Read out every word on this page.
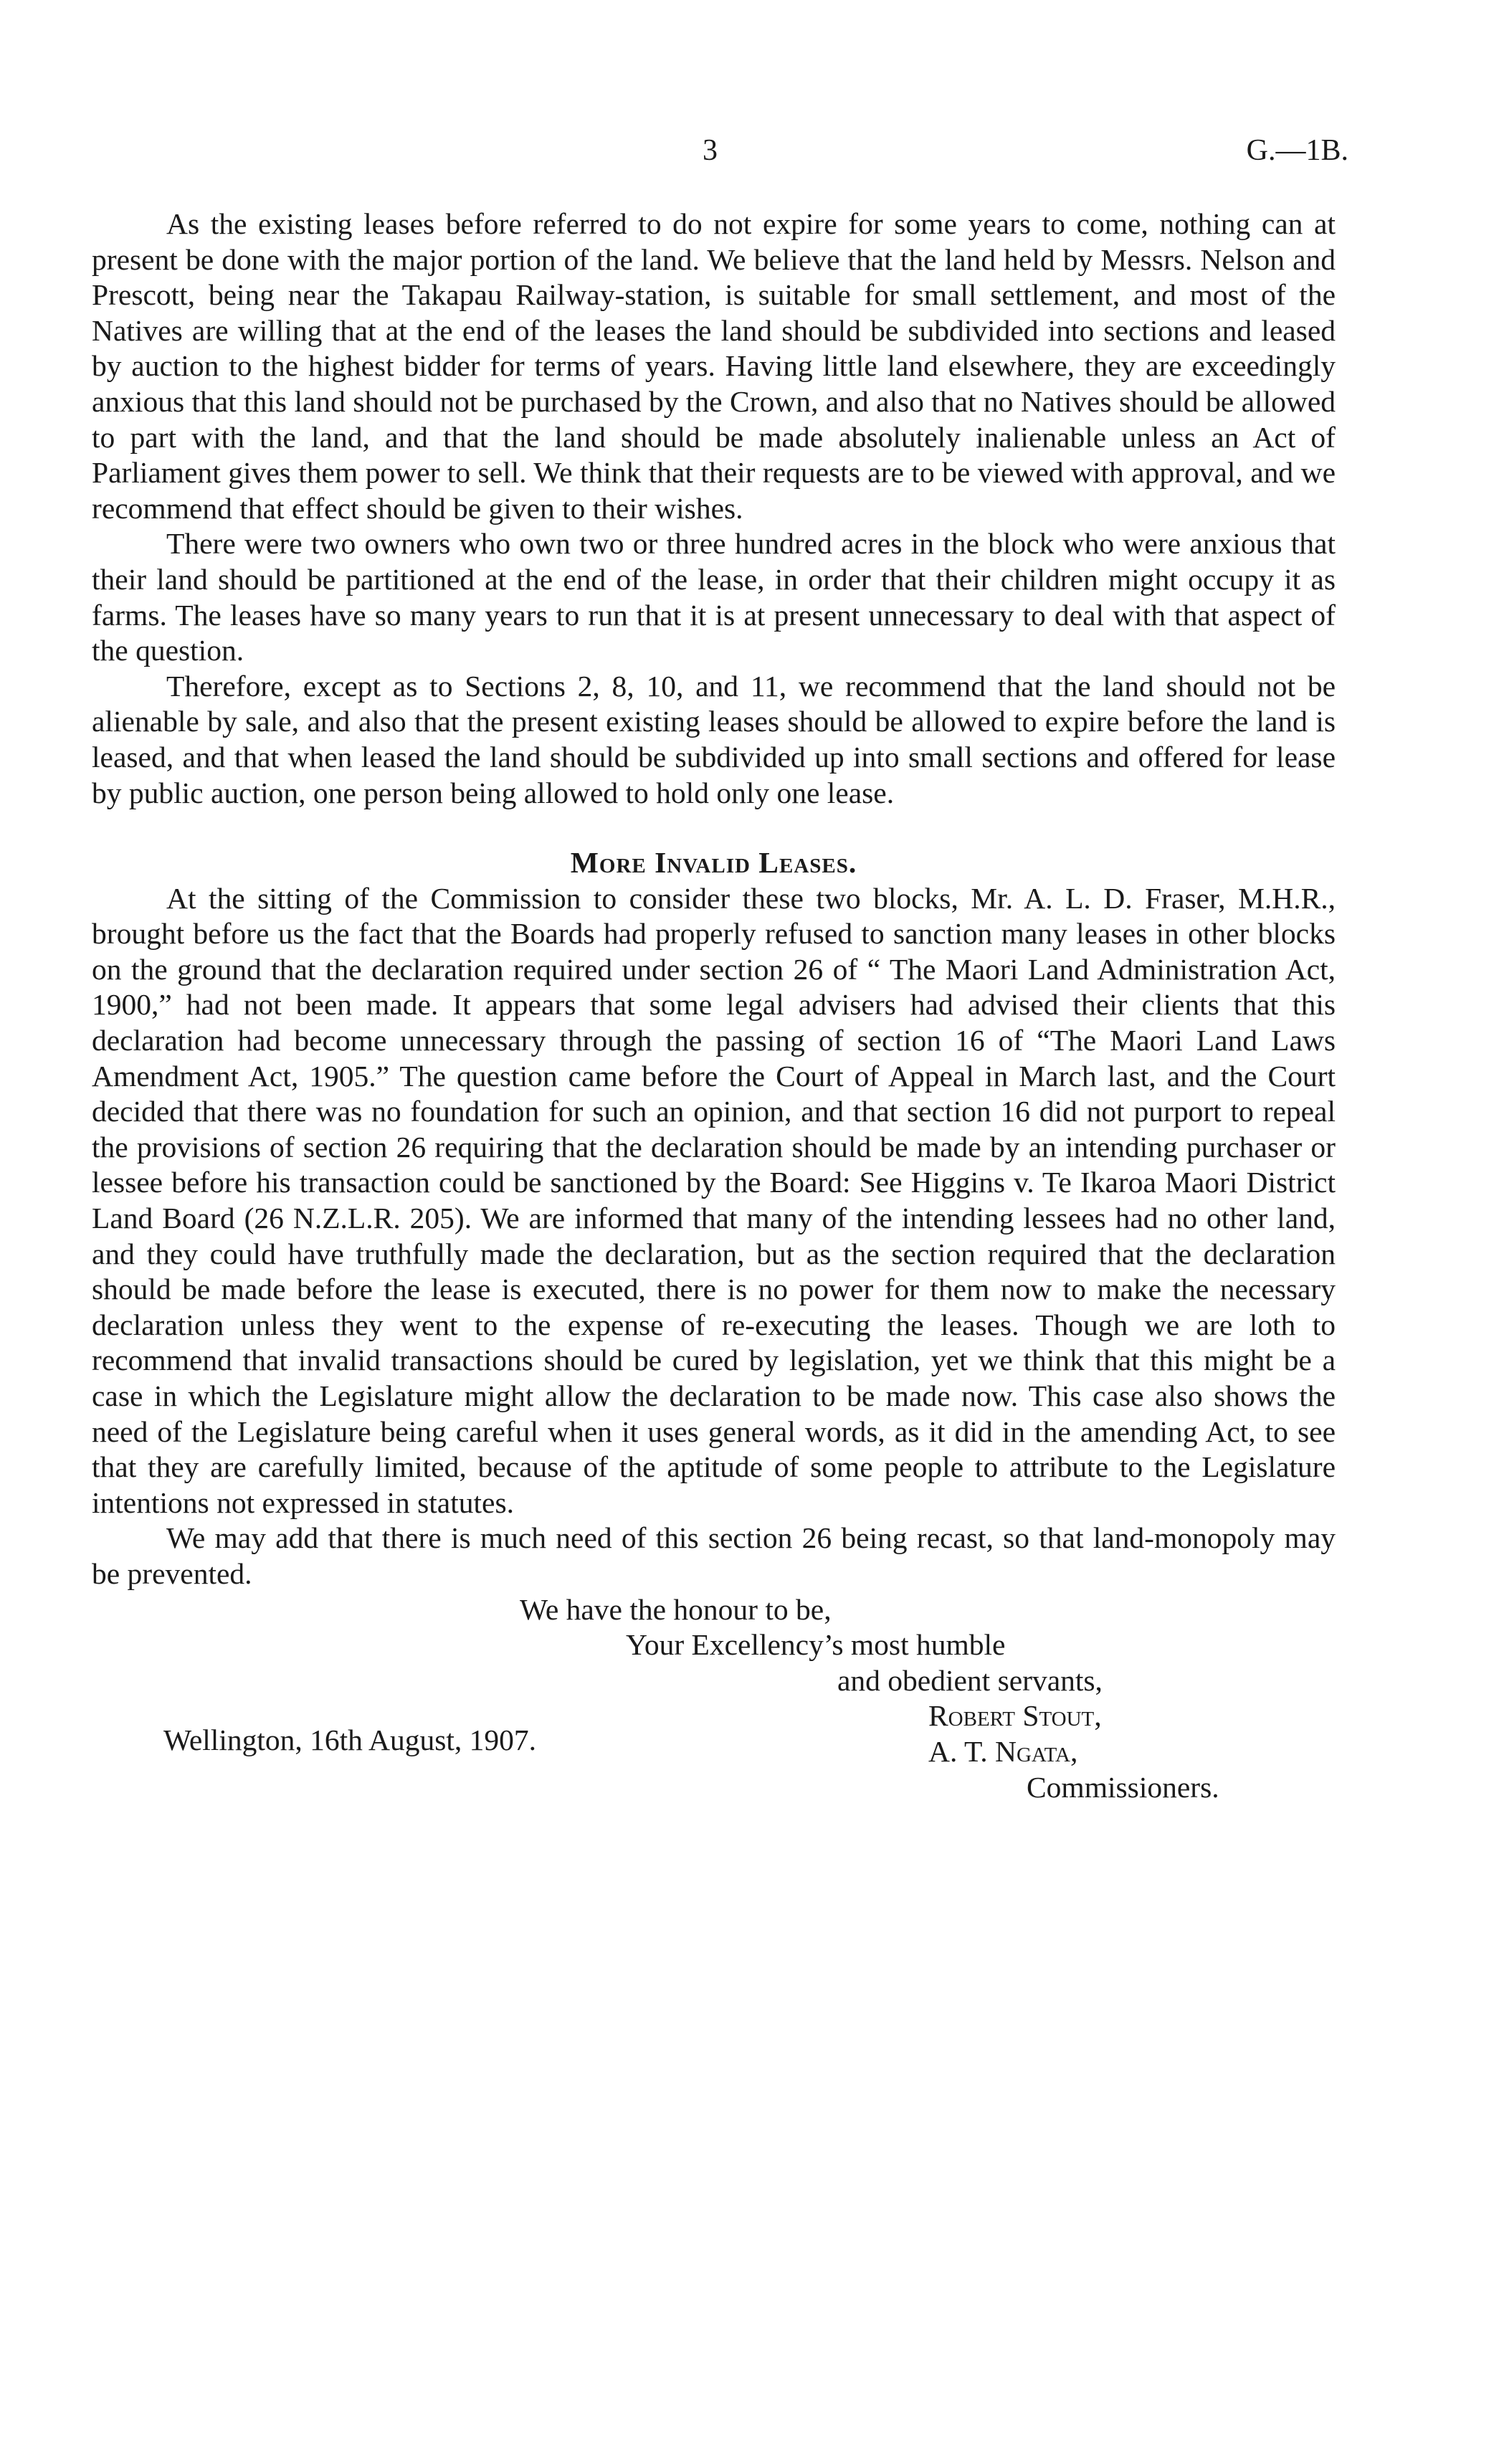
3	G.—1B.

As the existing leases before referred to do not expire for some years to come, nothing can at present be done with the major portion of the land. We believe that the land held by Messrs. Nelson and Prescott, being near the Takapau Railway-station, is suitable for small settlement, and most of the Natives are willing that at the end of the leases the land should be subdivided into sections and leased by auction to the highest bidder for terms of years. Having little land elsewhere, they are exceedingly anxious that this land should not be purchased by the Crown, and also that no Natives should be allowed to part with the land, and that the land should be made absolutely inalienable unless an Act of Parliament gives them power to sell. We think that their requests are to be viewed with approval, and we recommend that effect should be given to their wishes.

There were two owners who own two or three hundred acres in the block who were anxious that their land should be partitioned at the end of the lease, in order that their children might occupy it as farms. The leases have so many years to run that it is at present unnecessary to deal with that aspect of the question.

Therefore, except as to Sections 2, 8, 10, and 11, we recommend that the land should not be alienable by sale, and also that the present existing leases should be allowed to expire before the land is leased, and that when leased the land should be subdivided up into small sections and offered for lease by public auction, one person being allowed to hold only one lease.

More Invalid Leases.

At the sitting of the Commission to consider these two blocks, Mr. A. L. D. Fraser, M.H.R., brought before us the fact that the Boards had properly refused to sanction many leases in other blocks on the ground that the declaration required under section 26 of “ The Maori Land Administration Act, 1900,” had not been made. It appears that some legal advisers had advised their clients that this declaration had become unnecessary through the passing of section 16 of “The Maori Land Laws Amendment Act, 1905.” The question came before the Court of Appeal in March last, and the Court decided that there was no foundation for such an opinion, and that section 16 did not purport to repeal the provisions of section 26 requiring that the declaration should be made by an intending purchaser or lessee before his transaction could be sanctioned by the Board: See Higgins v. Te Ikaroa Maori District Land Board (26 N.Z.L.R. 205). We are informed that many of the intending lessees had no other land, and they could have truthfully made the declaration, but as the section required that the declaration should be made before the lease is executed, there is no power for them now to make the necessary declaration unless they went to the expense of re-executing the leases. Though we are loth to recommend that invalid transactions should be cured by legislation, yet we think that this might be a case in which the Legislature might allow the declaration to be made now. This case also shows the need of the Legislature being careful when it uses general words, as it did in the amending Act, to see that they are carefully limited, because of the aptitude of some people to attribute to the Legislature intentions not expressed in statutes.

We may add that there is much need of this section 26 being recast, so that land-monopoly may be prevented.

We have the honour to be,

Your Excellency’s most humble

and obedient servants,

Robert Stout,

A. T. Ngata,

Commissioners.

Wellington, 16th August, 1907.
